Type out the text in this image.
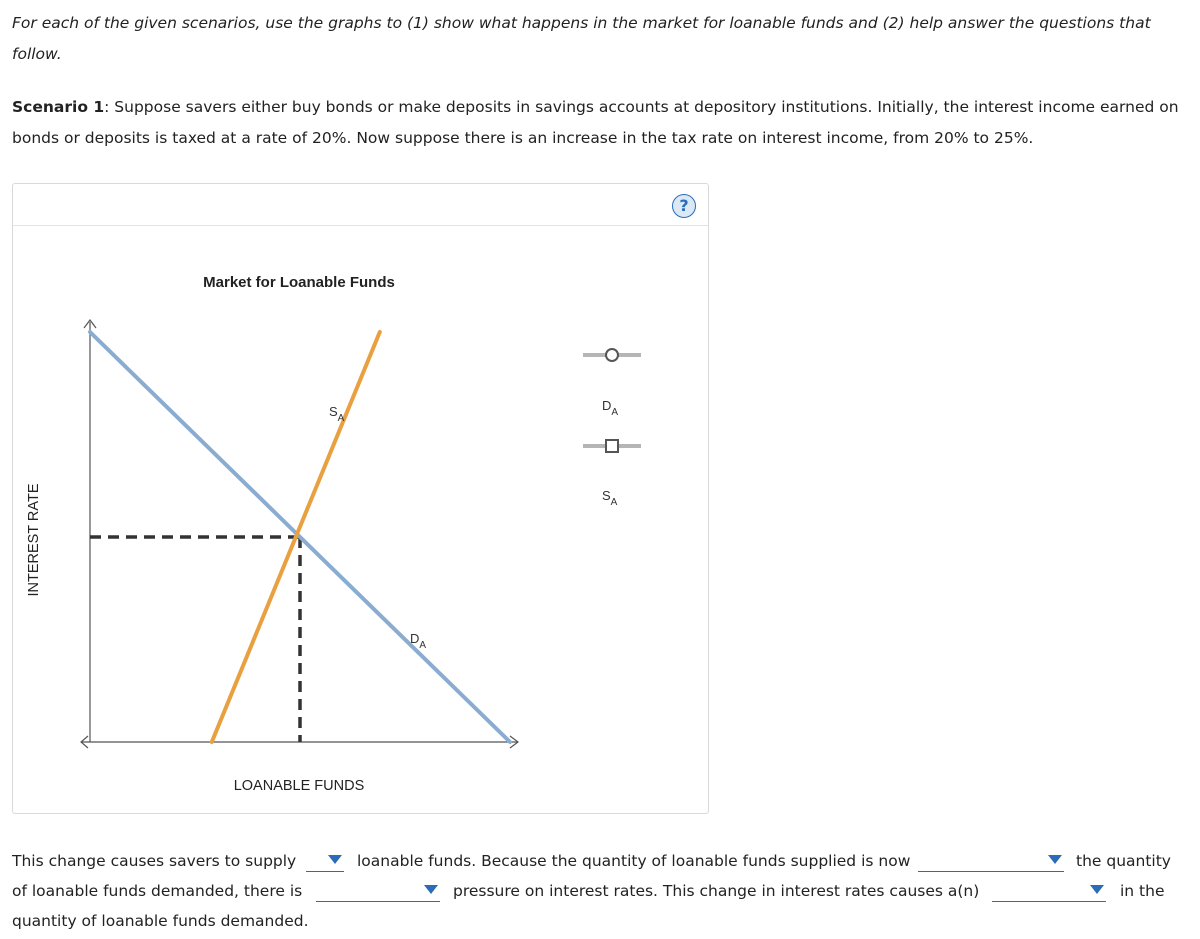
For each of the given scenarios, use the graphs to (1) show what happens in the market for loanable funds and (2) help answer the questions that follow.

Scenario 1: Suppose savers either buy bonds or make deposits in savings accounts at depository institutions. Initially, the interest income earned on bonds or deposits is taxed at a rate of 20%. Now suppose there is an increase in the tax rate on interest income, from 20% to 25%.

?
Market for Loanable Funds
INTEREST RATE
LOANABLE FUNDS
$S_A$
$D_A$
$D_A$
$S_A$
This change causes savers to supply	loanable funds. Because the quantity of loanable funds supplied is now	the quantity
of loanable funds demanded, there is	pressure on interest rates. This change in interest rates causes a(n)	in the
quantity of loanable funds demanded.
